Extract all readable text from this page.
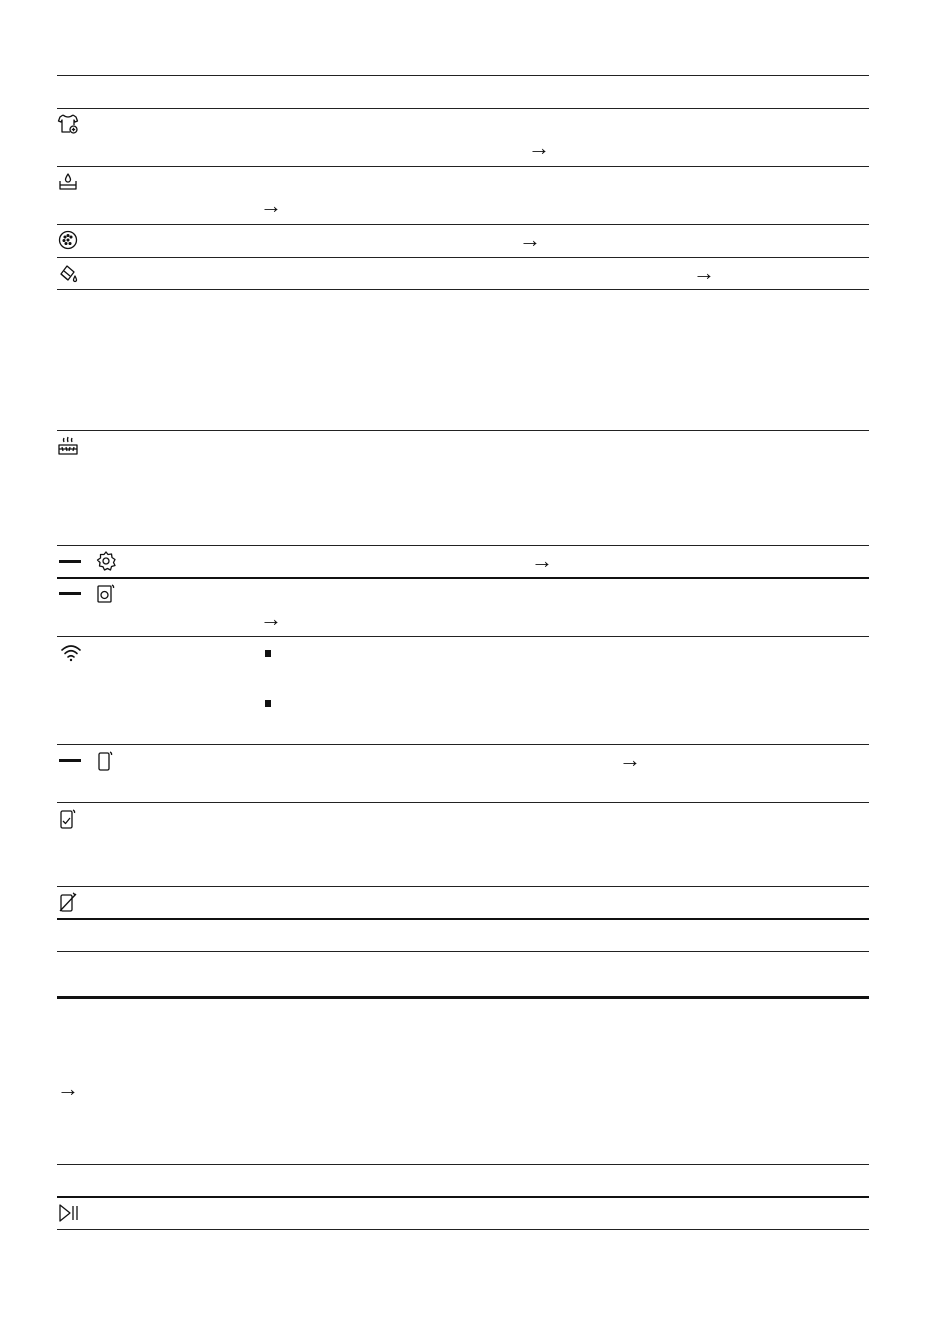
→
→
→
→
→
→
→
→
